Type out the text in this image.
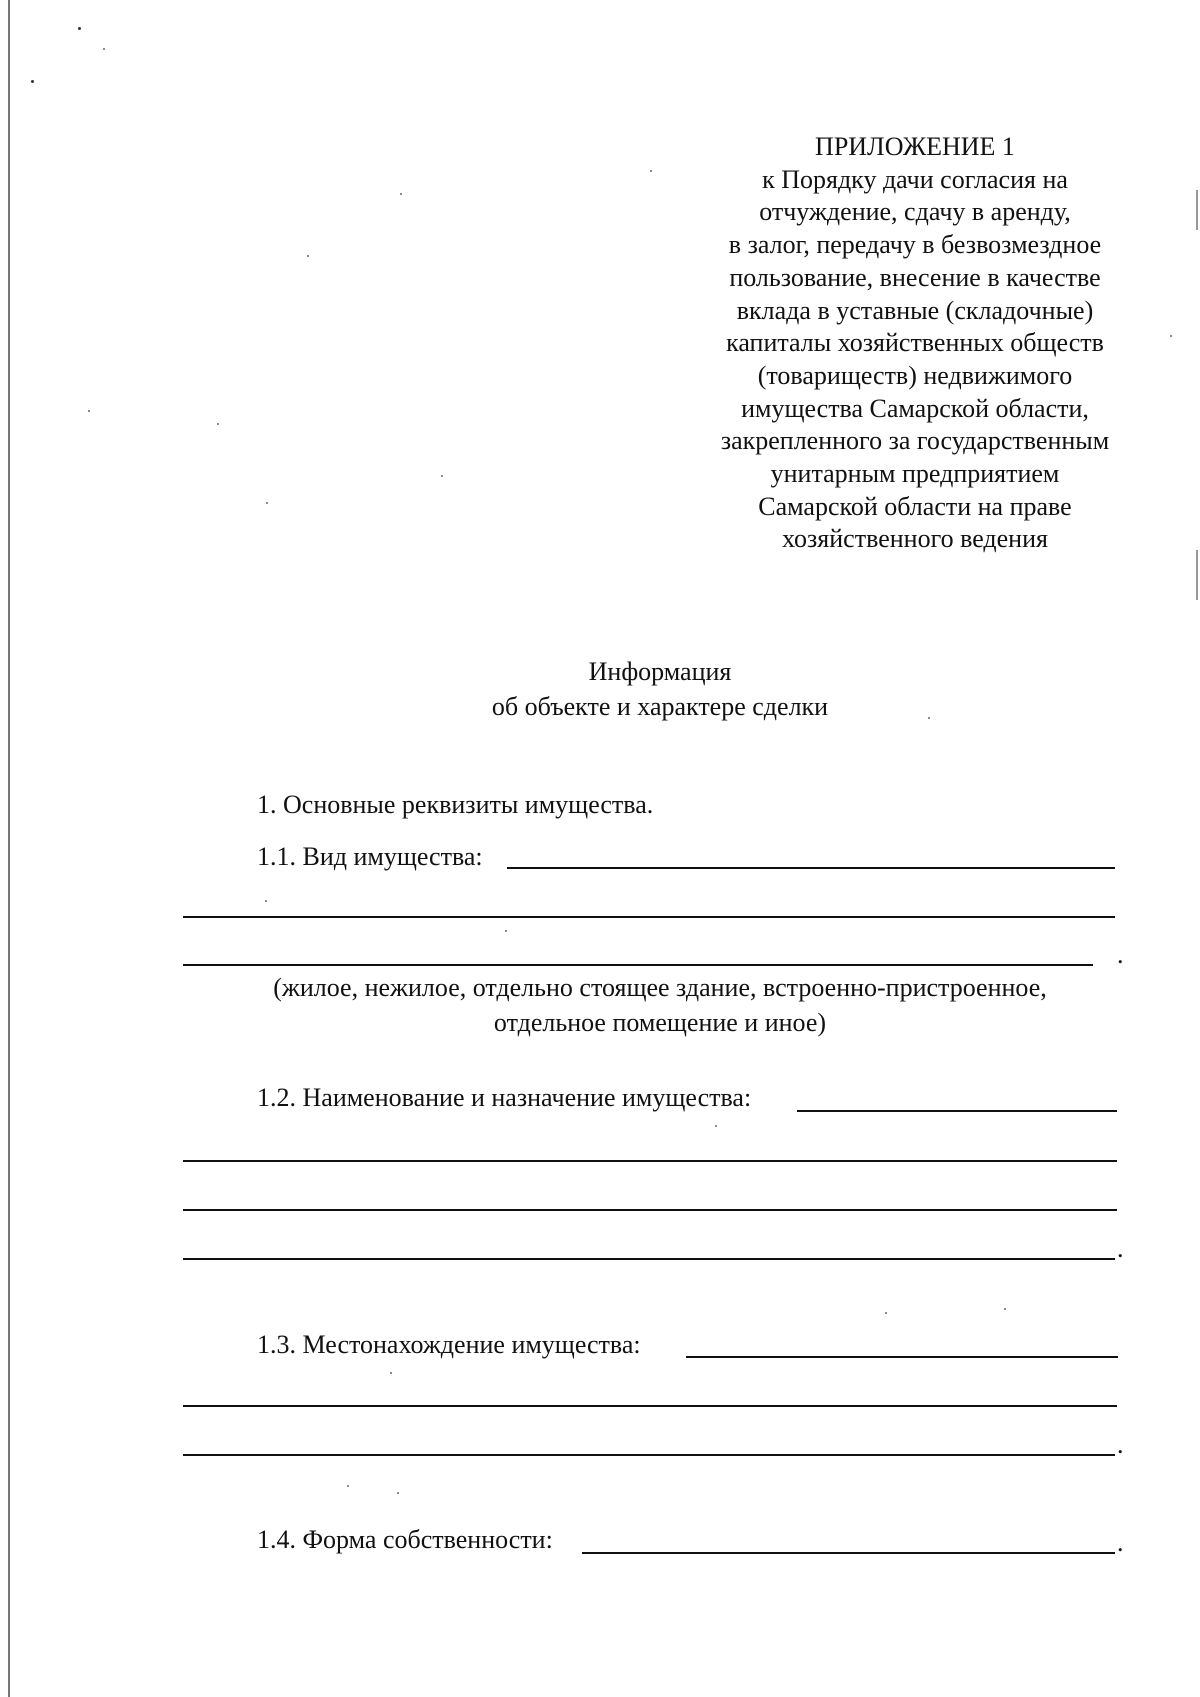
ПРИЛОЖЕНИЕ 1
к Порядку дачи согласия на
отчуждение, сдачу в аренду,
в залог, передачу в безвозмездное
пользование, внесение в качестве
вклада в уставные (складочные)
капиталы хозяйственных обществ
(товариществ) недвижимого
имущества Самарской области,
закрепленного за государственным
унитарным предприятием
Самарской области на праве
хозяйственного ведения
Информация
об объекте и характере сделки
1. Основные реквизиты имущества.
1.1. Вид имущества:
.
(жилое, нежилое, отдельно стоящее здание, встроенно-пристроенное,
отдельное помещение и иное)
1.2. Наименование и назначение имущества:
.
1.3. Местонахождение имущества:
.
1.4. Форма собственности:	.
